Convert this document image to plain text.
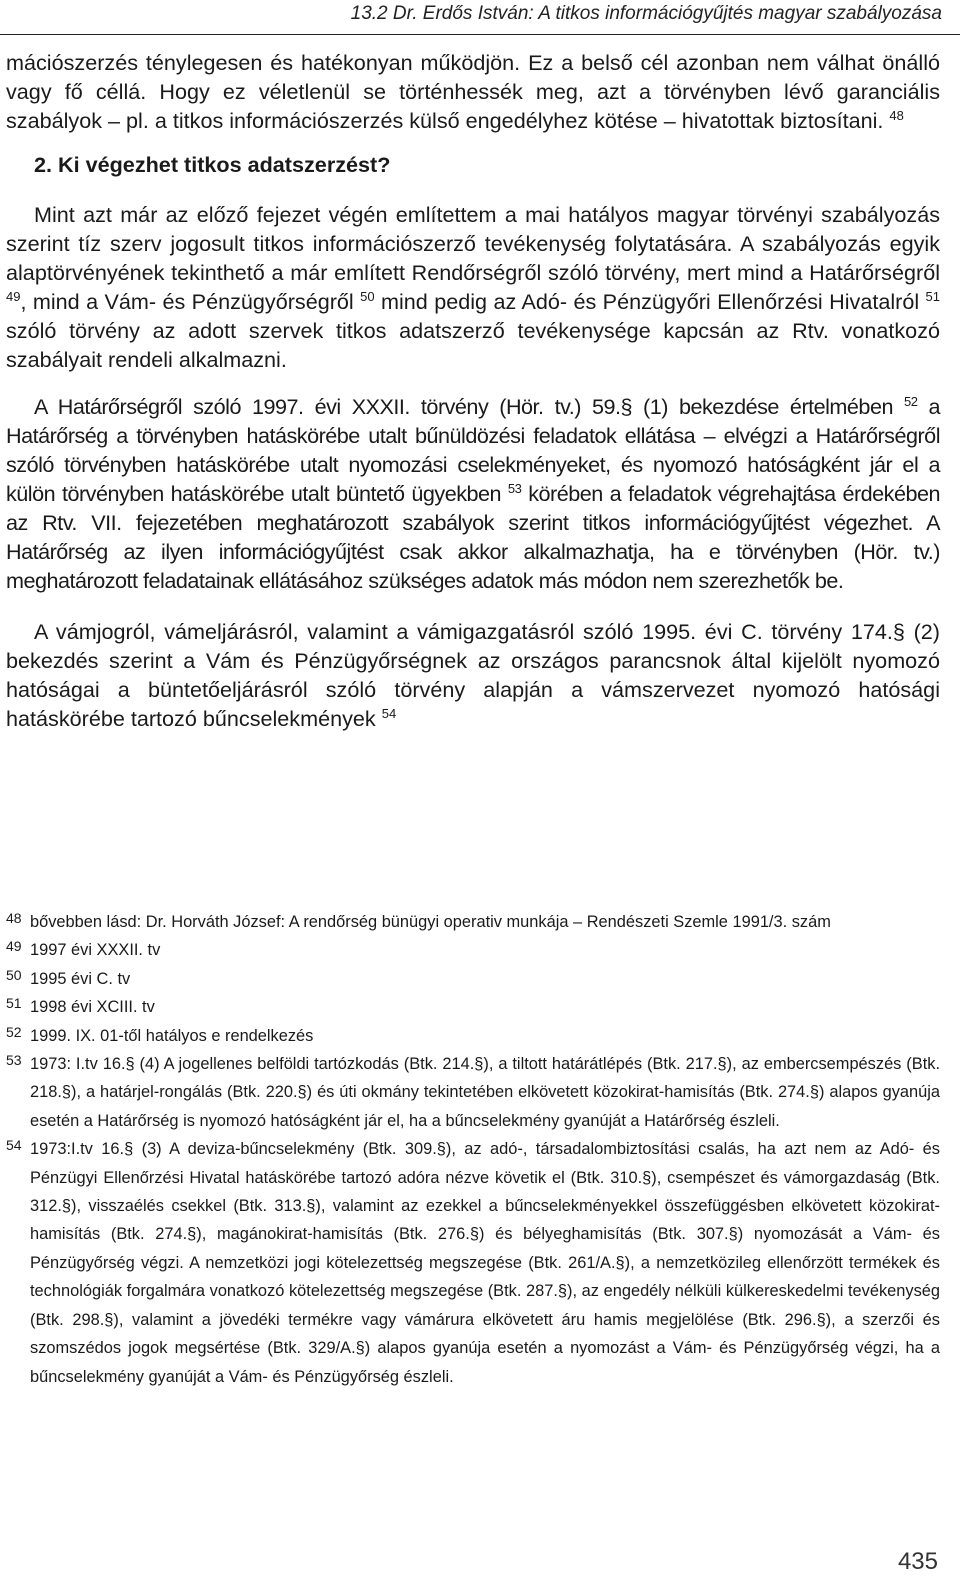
13.2 Dr. Erdős István: A titkos információgyűjtés magyar szabályozása

mációszerzés ténylegesen és hatékonyan működjön. Ez a belső cél azonban nem válhat önálló vagy fő céllá. Hogy ez véletlenül se történhessék meg, azt a törvényben lévő garanciális szabályok – pl. a titkos információszerzés külső engedélyhez kötése – hivatottak biztosítani. $^{48}$

2. Ki végezhet titkos adatszerzést?

Mint azt már az előző fejezet végén említettem a mai hatályos magyar törvényi szabályozás szerint tíz szerv jogosult titkos információszerző tevékenység folytatására. A szabályozás egyik alaptörvényének tekinthető a már említett Rendőrségről szóló törvény, mert mind a Határőrségről $^{49}$, mind a Vám- és Pénzügyőrségről $^{50}$ mind pedig az Adó- és Pénzügyőri Ellenőrzési Hivatalról $^{51}$ szóló törvény az adott szervek titkos adatszerző tevékenysége kapcsán az Rtv. vonatkozó szabályait rendeli alkalmazni.

A Határőrségről szóló 1997. évi XXXII. törvény (Hör. tv.) 59.§ (1) bekezdése értelmében $^{52}$ a Határőrség a törvényben hatáskörébe utalt bűnüldözési feladatok ellátása – elvégzi a Határőrségről szóló törvényben hatáskörébe utalt nyomozási cselekményeket, és nyomozó hatóságként jár el a külön törvényben hatáskörébe utalt büntető ügyekben $^{53}$ körében a feladatok végrehajtása érdekében az Rtv. VII. fejezetében meghatározott szabályok szerint titkos információgyűjtést végezhet. A Határőrség az ilyen információgyűjtést csak akkor alkalmazhatja, ha e törvényben (Hör. tv.) meghatározott feladatainak ellátásához szükséges adatok más módon nem szerezhetők be.

A vámjogról, vámeljárásról, valamint a vámigazgatásról szóló 1995. évi C. törvény 174.§ (2) bekezdés szerint a Vám és Pénzügyőrségnek az országos parancsnok által kijelölt nyomozó hatóságai a büntetőeljárásról szóló törvény alapján a vámszervezet nyomozó hatósági hatáskörébe tartozó bűncselekmények $^{54}$

48 bővebben lásd: Dr. Horváth József: A rendőrség bünügyi operativ munkája – Rendészeti Szemle 1991/3. szám

49 1997 évi XXXII. tv

50 1995 évi C. tv

51 1998 évi XCIII. tv

52 1999. IX. 01-től hatályos e rendelkezés

53 1973: I.tv 16.§ (4) A jogellenes belföldi tartózkodás (Btk. 214.§), a tiltott határátlépés (Btk. 217.§), az embercsempészés (Btk. 218.§), a határjel-rongálás (Btk. 220.§) és úti okmány tekintetében elkövetett közokirat-hamisítás (Btk. 274.§) alapos gyanúja esetén a Határőrség is nyomozó hatóságként jár el, ha a bűncselekmény gyanúját a Határőrség észleli.

54 1973:I.tv 16.§ (3) A deviza-bűncselekmény (Btk. 309.§), az adó-, társadalombiztosítási csalás, ha azt nem az Adó- és Pénzügyi Ellenőrzési Hivatal hatáskörébe tartozó adóra nézve követik el (Btk. 310.§), csempészet és vámorgazdaság (Btk. 312.§), visszaélés csekkel (Btk. 313.§), valamint az ezekkel a bűncselekményekkel összefüggésben elkövetett közokirat-hamisítás (Btk. 274.§), magánokirat-hamisítás (Btk. 276.§) és bélyeghamisítás (Btk. 307.§) nyomozását a Vám- és Pénzügyőrség végzi. A nemzetközi jogi kötelezettség megszegése (Btk. 261/A.§), a nemzetközileg ellenőrzött termékek és technológiák forgalmára vonatkozó kötelezettség megszegése (Btk. 287.§), az engedély nélküli külkereskedelmi tevékenység (Btk. 298.§), valamint a jövedéki termékre vagy vámárura elkövetett áru hamis megjelölése (Btk. 296.§), a szerzői és szomszédos jogok megsértése (Btk. 329/A.§) alapos gyanúja esetén a nyomozást a Vám- és Pénzügyőrség végzi, ha a bűncselekmény gyanúját a Vám- és Pénzügyőrség észleli.

435
